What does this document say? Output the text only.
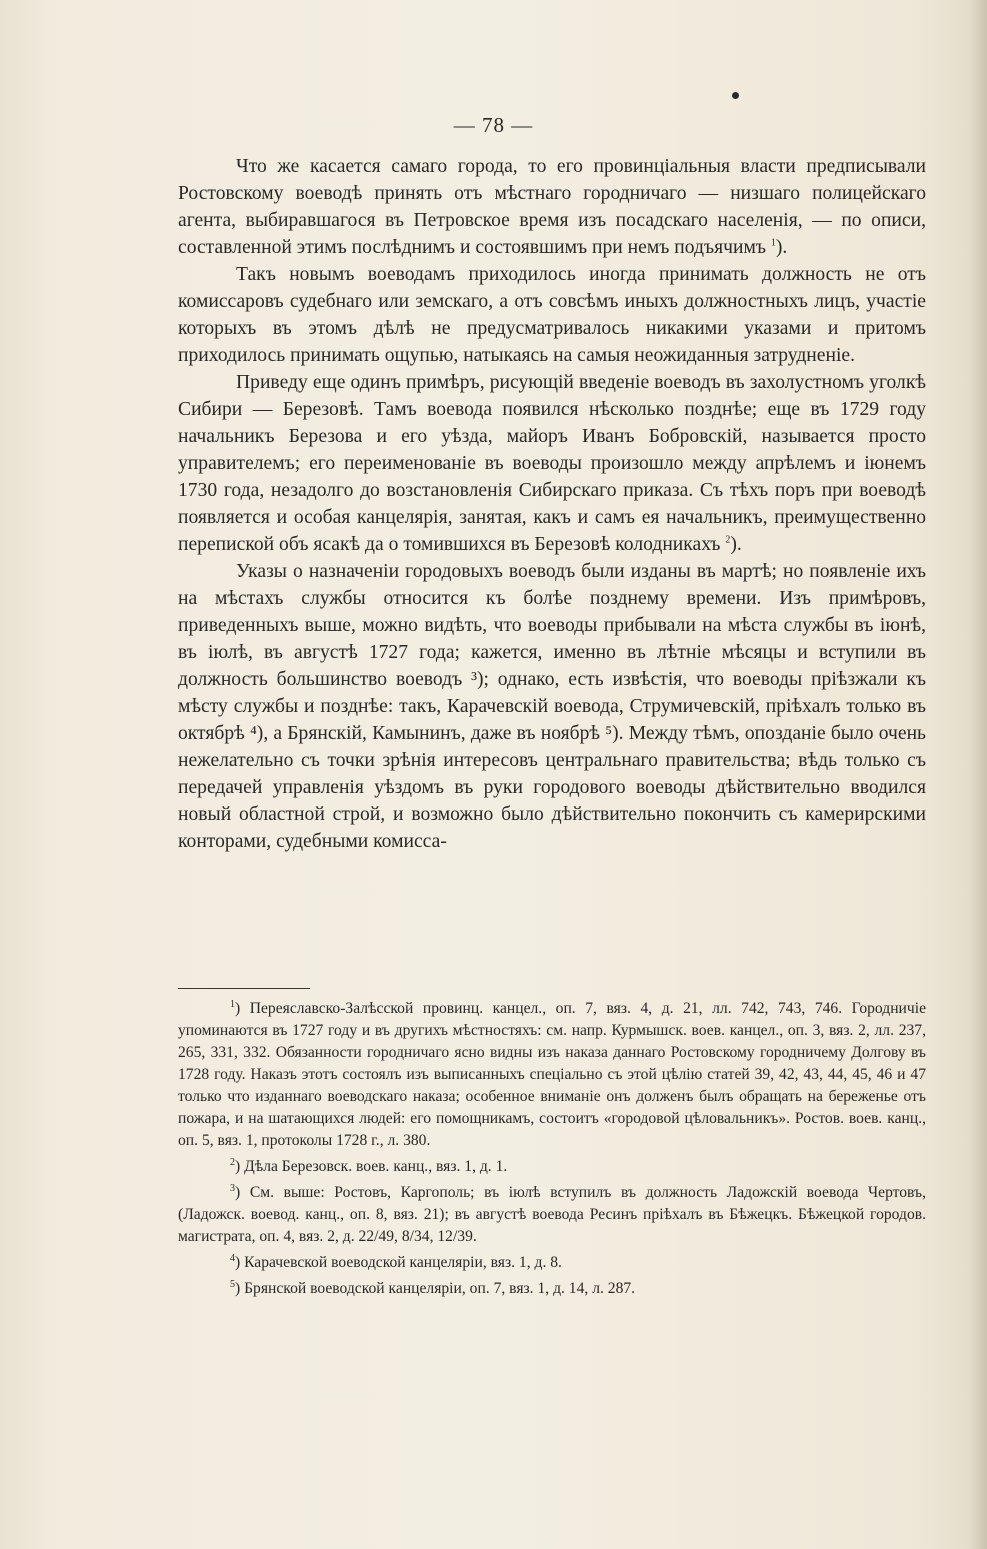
— 78 —

Что же касается самаго города, то его провинціальныя власти предписывали Ростовскому воеводѣ принять отъ мѣстнаго городничаго — низшаго полицейскаго агента, выбиравшагося въ Петровское время изъ посадскаго населенія, — по описи, составленной этимъ послѣднимъ и состоявшимъ при немъ подъячимъ $^1$).

Такъ новымъ воеводамъ приходилось иногда принимать должность не отъ комиссаровъ судебнаго или земскаго, а отъ совсѣмъ иныхъ должностныхъ лицъ, участіе которыхъ въ этомъ дѣлѣ не предусматривалось никакими указами и притомъ приходилось принимать ощупью, натыкаясь на самыя неожиданныя затрудненіе.

Приведу еще одинъ примѣръ, рисующій введеніе воеводъ въ захолустномъ уголкѣ Сибири — Березовѣ. Тамъ воевода появился нѣсколько позднѣе; еще въ 1729 году начальникъ Березова и его уѣзда, майоръ Иванъ Бобровскій, называется просто управителемъ; его переименованіе въ воеводы произошло между апрѣлемъ и іюнемъ 1730 года, незадолго до возстановленія Сибирскаго приказа. Съ тѣхъ поръ при воеводѣ появляется и особая канцелярія, занятая, какъ и самъ ея начальникъ, преимущественно перепиской объ ясакѣ да о томившихся въ Березовѣ колодникахъ $^2$).

Указы о назначеніи городовыхъ воеводъ были изданы въ мартѣ; но появленіе ихъ на мѣстахъ службы относится къ болѣе позднему времени. Изъ примѣровъ, приведенныхъ выше, можно видѣть, что воеводы прибывали на мѣста службы въ іюнѣ, въ іюлѣ, въ августѣ 1727 года; кажется, именно въ лѣтніе мѣсяцы и вступили въ должность большинство воеводъ ³); однако, есть извѣстія, что воеводы пріѣзжали къ мѣсту службы и позднѣе: такъ, Карачевскій воевода, Струмичевскій, пріѣхалъ только въ октябрѣ ⁴), а Брянскій, Камынинъ, даже въ ноябрѣ ⁵). Между тѣмъ, опозданіе было очень нежелательно съ точки зрѣнія интересовъ центральнаго правительства; вѣдь только съ передачей управленія уѣздомъ въ руки городового воеводы дѣйствительно вводился новый областной строй, и возможно было дѣйствительно покончить съ камерирскими конторами, судебными комисса-

$^1$) Переяславско-Залѣсской провинц. канцел., оп. 7, вяз. 4, д. 21, лл. 742, 743, 746. Городничіе упоминаются въ 1727 году и въ другихъ мѣстностяхъ: см. напр. Курмышск. воев. канцел., оп. 3, вяз. 2, лл. 237, 265, 331, 332. Обязанности городничаго ясно видны изъ наказа даннаго Ростовскому городничему Долгову въ 1728 году. Наказъ этотъ состоялъ изъ выписанныхъ спеціально съ этой цѣлію статей 39, 42, 43, 44, 45, 46 и 47 только что изданнаго воеводскаго наказа; особенное вниманіе онъ долженъ былъ обращать на береженье отъ пожара, и на шатающихся людей: его помощникамъ, состоитъ «городовой цѣловальникъ». Ростов. воев. канц., оп. 5, вяз. 1, протоколы 1728 г., л. 380.

$^2$) Дѣла Березовск. воев. канц., вяз. 1, д. 1.

$^3$) См. выше: Ростовъ, Каргополь; въ іюлѣ вступилъ въ должность Ладожскій воевода Чертовъ, (Ладожск. воевод. канц., оп. 8, вяз. 21); въ августѣ воевода Ресинъ пріѣхалъ въ Бѣжецкъ. Бѣжецкой городов. магистрата, оп. 4, вяз. 2, д. 22/49, 8/34, 12/39.

$^4$) Карачевской воеводской канцеляріи, вяз. 1, д. 8.

$^5$) Брянской воеводской канцеляріи, оп. 7, вяз. 1, д. 14, л. 287.
